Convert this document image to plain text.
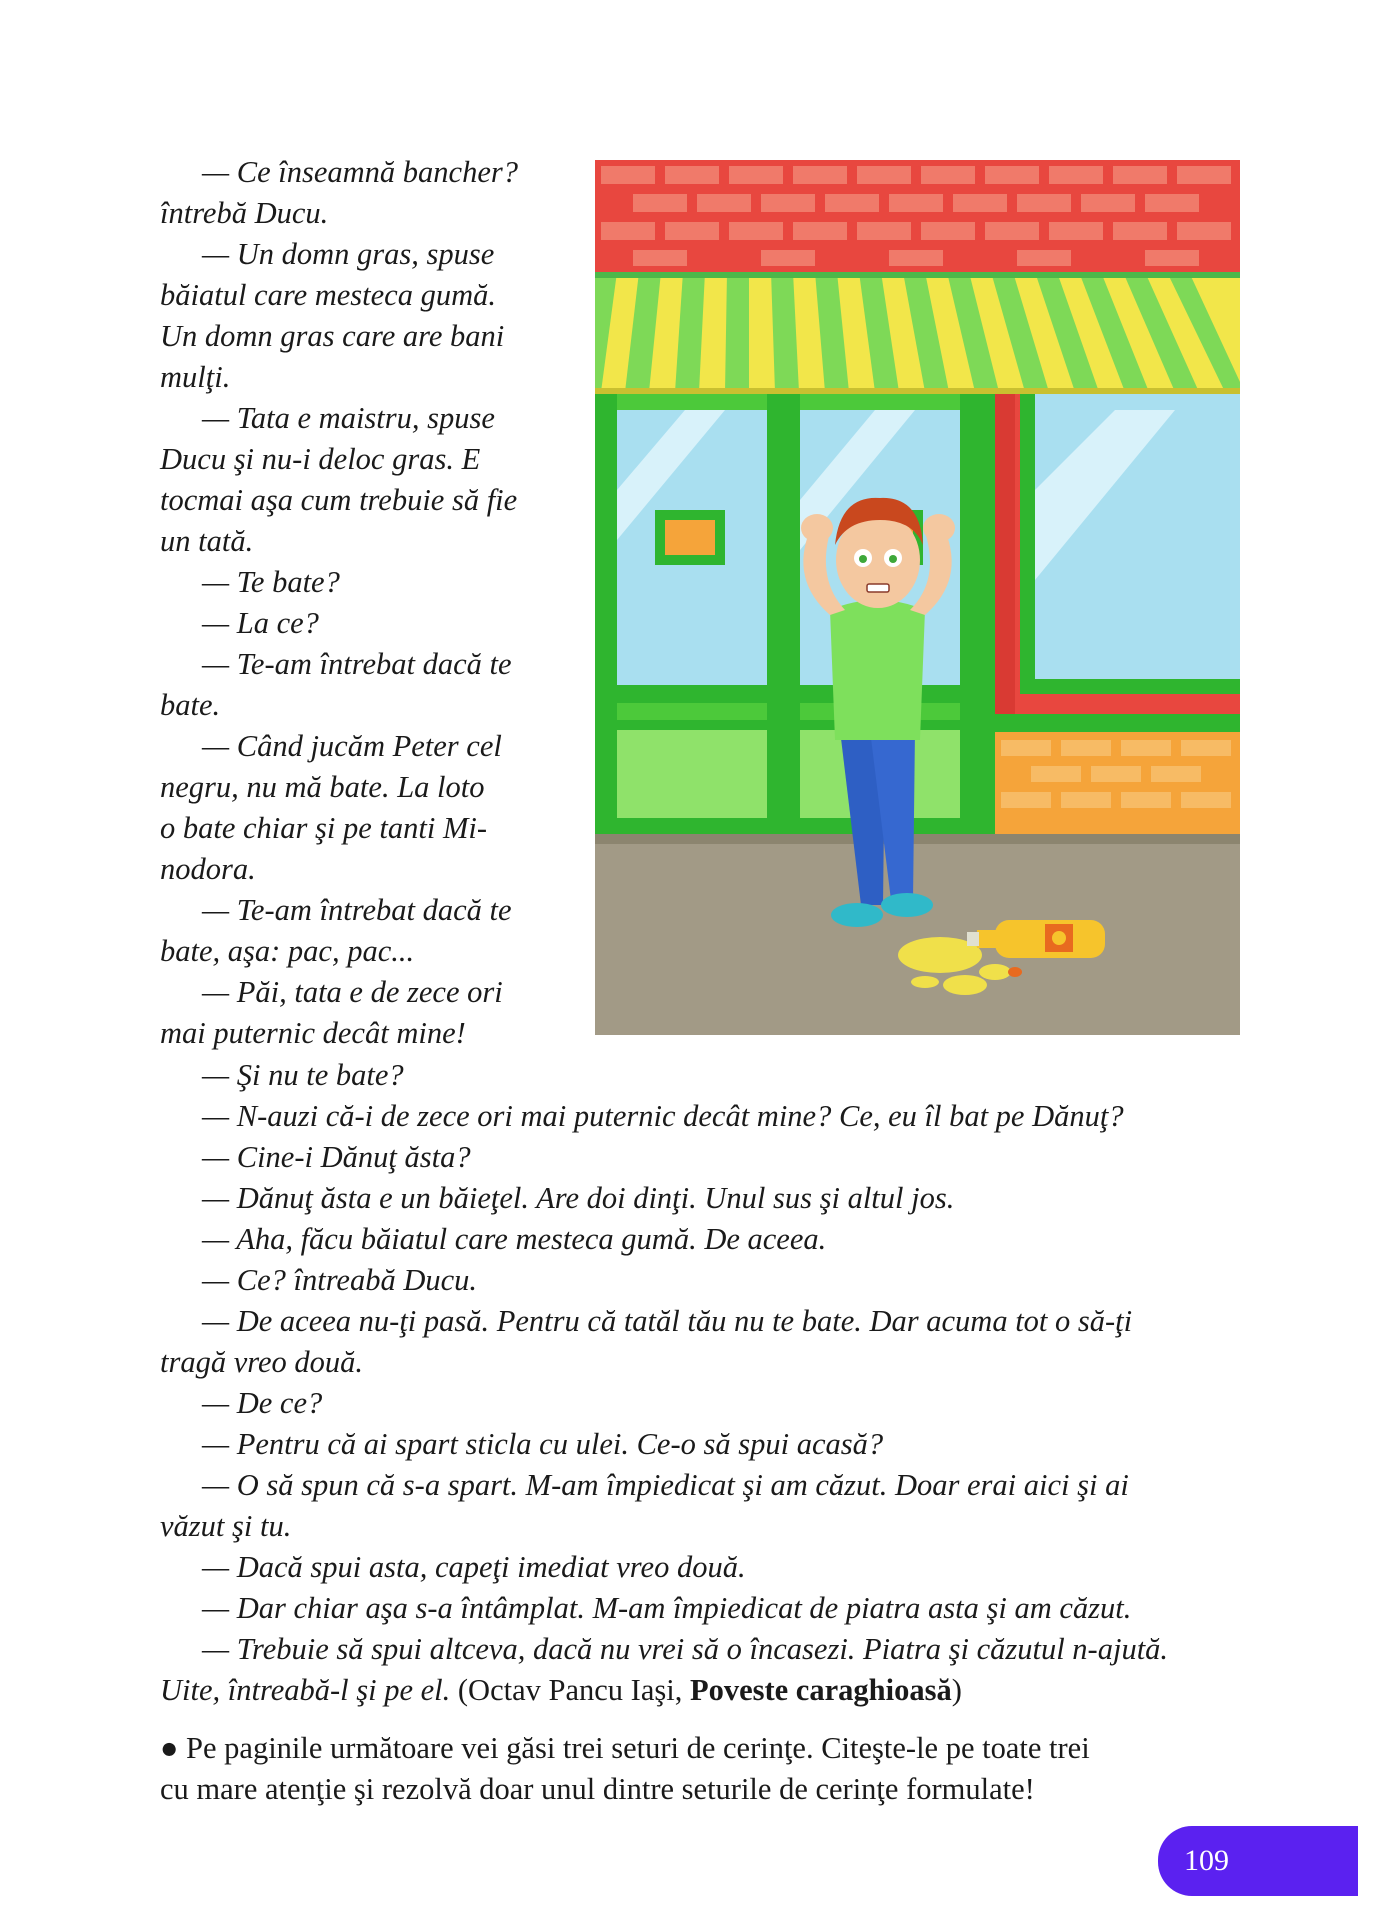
— Ce înseamnă bancher?

întrebă Ducu.

— Un domn gras, spuse

băiatul care mesteca gumă.

Un domn gras care are bani

mulţi.

— Tata e maistru, spuse

Ducu şi nu-i deloc gras. E

tocmai aşa cum trebuie să fie

un tată.

— Te bate?

— La ce?

— Te-am întrebat dacă te

bate.

— Când jucăm Peter cel

negru, nu mă bate. La loto

o bate chiar şi pe tanti Mi-

nodora.

— Te-am întrebat dacă te

bate, aşa: pac, pac...

— Păi, tata e de zece ori

mai puternic decât mine!

— Şi nu te bate?

— N-auzi că-i de zece ori mai puternic decât mine? Ce, eu îl bat pe Dănuţ?

— Cine-i Dănuţ ăsta?

— Dănuţ ăsta e un băieţel. Are doi dinţi. Unul sus şi altul jos.

— Aha, făcu băiatul care mesteca gumă. De aceea.

— Ce? întreabă Ducu.

— De aceea nu-ţi pasă. Pentru că tatăl tău nu te bate. Dar acuma tot o să-ţi

tragă vreo două.

— De ce?

— Pentru că ai spart sticla cu ulei. Ce-o să spui acasă?

— O să spun că s-a spart. M-am împiedicat şi am căzut. Doar erai aici şi ai

văzut şi tu.

— Dacă spui asta, capeţi imediat vreo două.

— Dar chiar aşa s-a întâmplat. M-am împiedicat de piatra asta şi am căzut.

— Trebuie să spui altceva, dacă nu vrei să o încasezi. Piatra şi căzutul n-ajută.

Uite, întreabă-l şi pe el. (Octav Pancu Iaşi, Poveste caraghioasă)

● Pe paginile următoare vei găsi trei seturi de cerinţe. Citeşte-le pe toate trei

cu mare atenţie şi rezolvă doar unul dintre seturile de cerinţe formulate!

109
